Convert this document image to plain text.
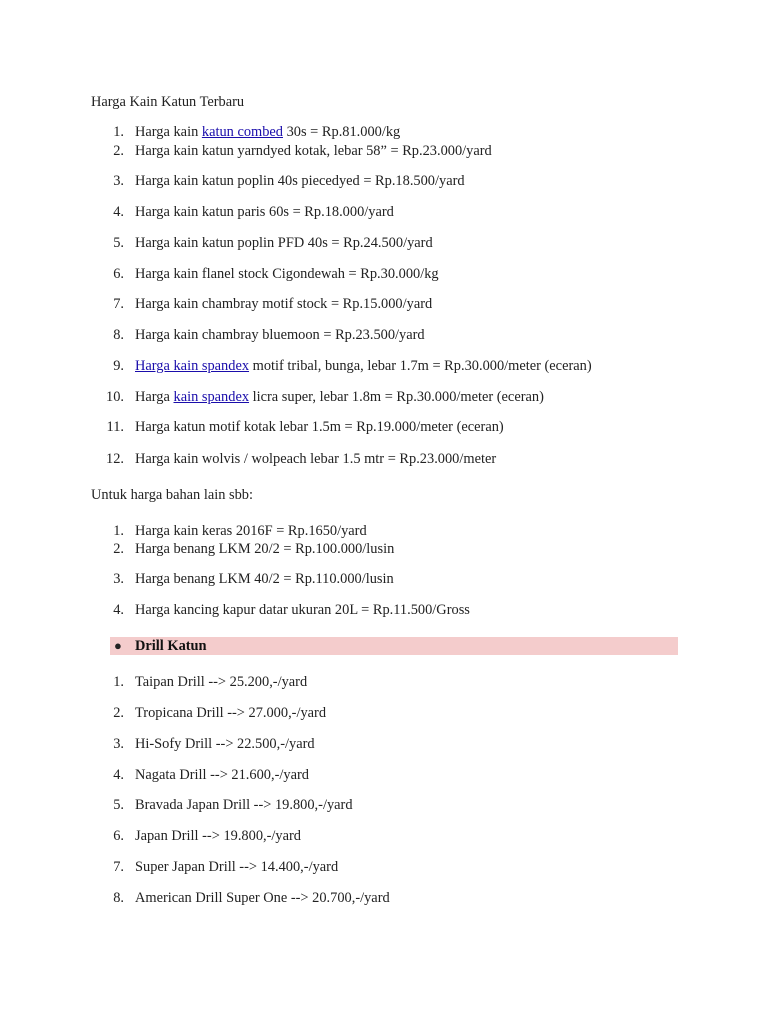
Harga Kain Katun Terbaru
1. Harga kain katun combed 30s = Rp.81.000/kg
2. Harga kain katun yarndyed kotak, lebar 58” = Rp.23.000/yard
3. Harga kain katun poplin 40s piecedyed = Rp.18.500/yard
4. Harga kain katun paris 60s = Rp.18.000/yard
5. Harga kain katun poplin PFD 40s = Rp.24.500/yard
6. Harga kain flanel stock Cigondewah = Rp.30.000/kg
7. Harga kain chambray motif stock = Rp.15.000/yard
8. Harga kain chambray bluemoon = Rp.23.500/yard
9. Harga kain spandex motif tribal, bunga, lebar 1.7m = Rp.30.000/meter (eceran)
10. Harga kain spandex licra super, lebar 1.8m = Rp.30.000/meter (eceran)
11. Harga katun motif kotak lebar 1.5m = Rp.19.000/meter (eceran)
12. Harga kain wolvis / wolpeach lebar 1.5 mtr = Rp.23.000/meter
Untuk harga bahan lain sbb:
1. Harga kain keras 2016F = Rp.1650/yard
2. Harga benang LKM 20/2 = Rp.100.000/lusin
3. Harga benang LKM 40/2 = Rp.110.000/lusin
4. Harga kancing kapur datar ukuran 20L = Rp.11.500/Gross
● Drill Katun
1. Taipan Drill --> 25.200,-/yard
2. Tropicana Drill --> 27.000,-/yard
3. Hi-Sofy Drill --> 22.500,-/yard
4. Nagata Drill --> 21.600,-/yard
5. Bravada Japan Drill --> 19.800,-/yard
6. Japan Drill --> 19.800,-/yard
7. Super Japan Drill --> 14.400,-/yard
8. American Drill Super One --> 20.700,-/yard
